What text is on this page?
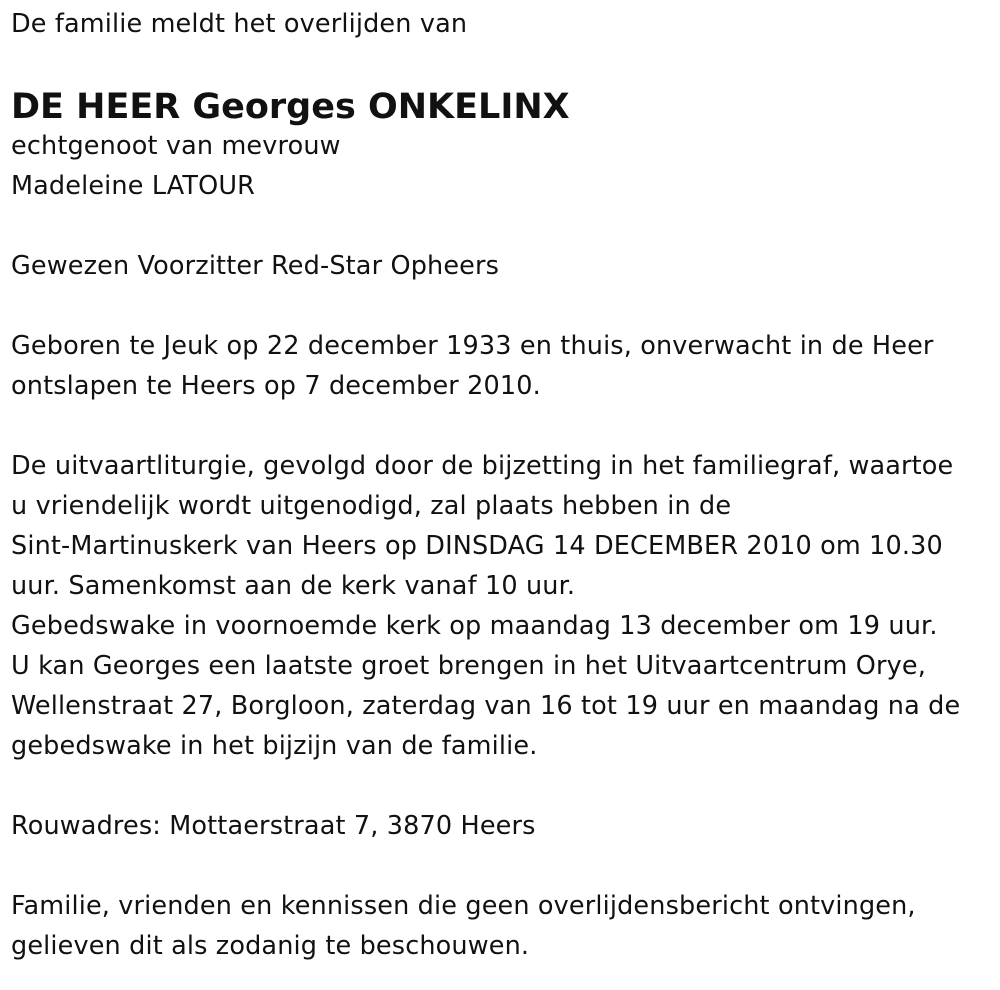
De familie meldt het overlijden van
DE HEER Georges ONKELINX
echtgenoot van mevrouw
Madeleine LATOUR
Gewezen Voorzitter Red-Star Opheers
Geboren te Jeuk op 22 december 1933 en thuis, onverwacht in de Heer
ontslapen te Heers op 7 december 2010.
De uitvaartliturgie, gevolgd door de bijzetting in het familiegraf, waartoe
u vriendelijk wordt uitgenodigd, zal plaats hebben in de
Sint-Martinuskerk van Heers op DINSDAG 14 DECEMBER 2010 om 10.30
uur. Samenkomst aan de kerk vanaf 10 uur.
Gebedswake in voornoemde kerk op maandag 13 december om 19 uur.
U kan Georges een laatste groet brengen in het Uitvaartcentrum Orye,
Wellenstraat 27, Borgloon, zaterdag van 16 tot 19 uur en maandag na de
gebedswake in het bijzijn van de familie.
Rouwadres: Mottaerstraat 7, 3870 Heers
Familie, vrienden en kennissen die geen overlijdensbericht ontvingen,
gelieven dit als zodanig te beschouwen.
